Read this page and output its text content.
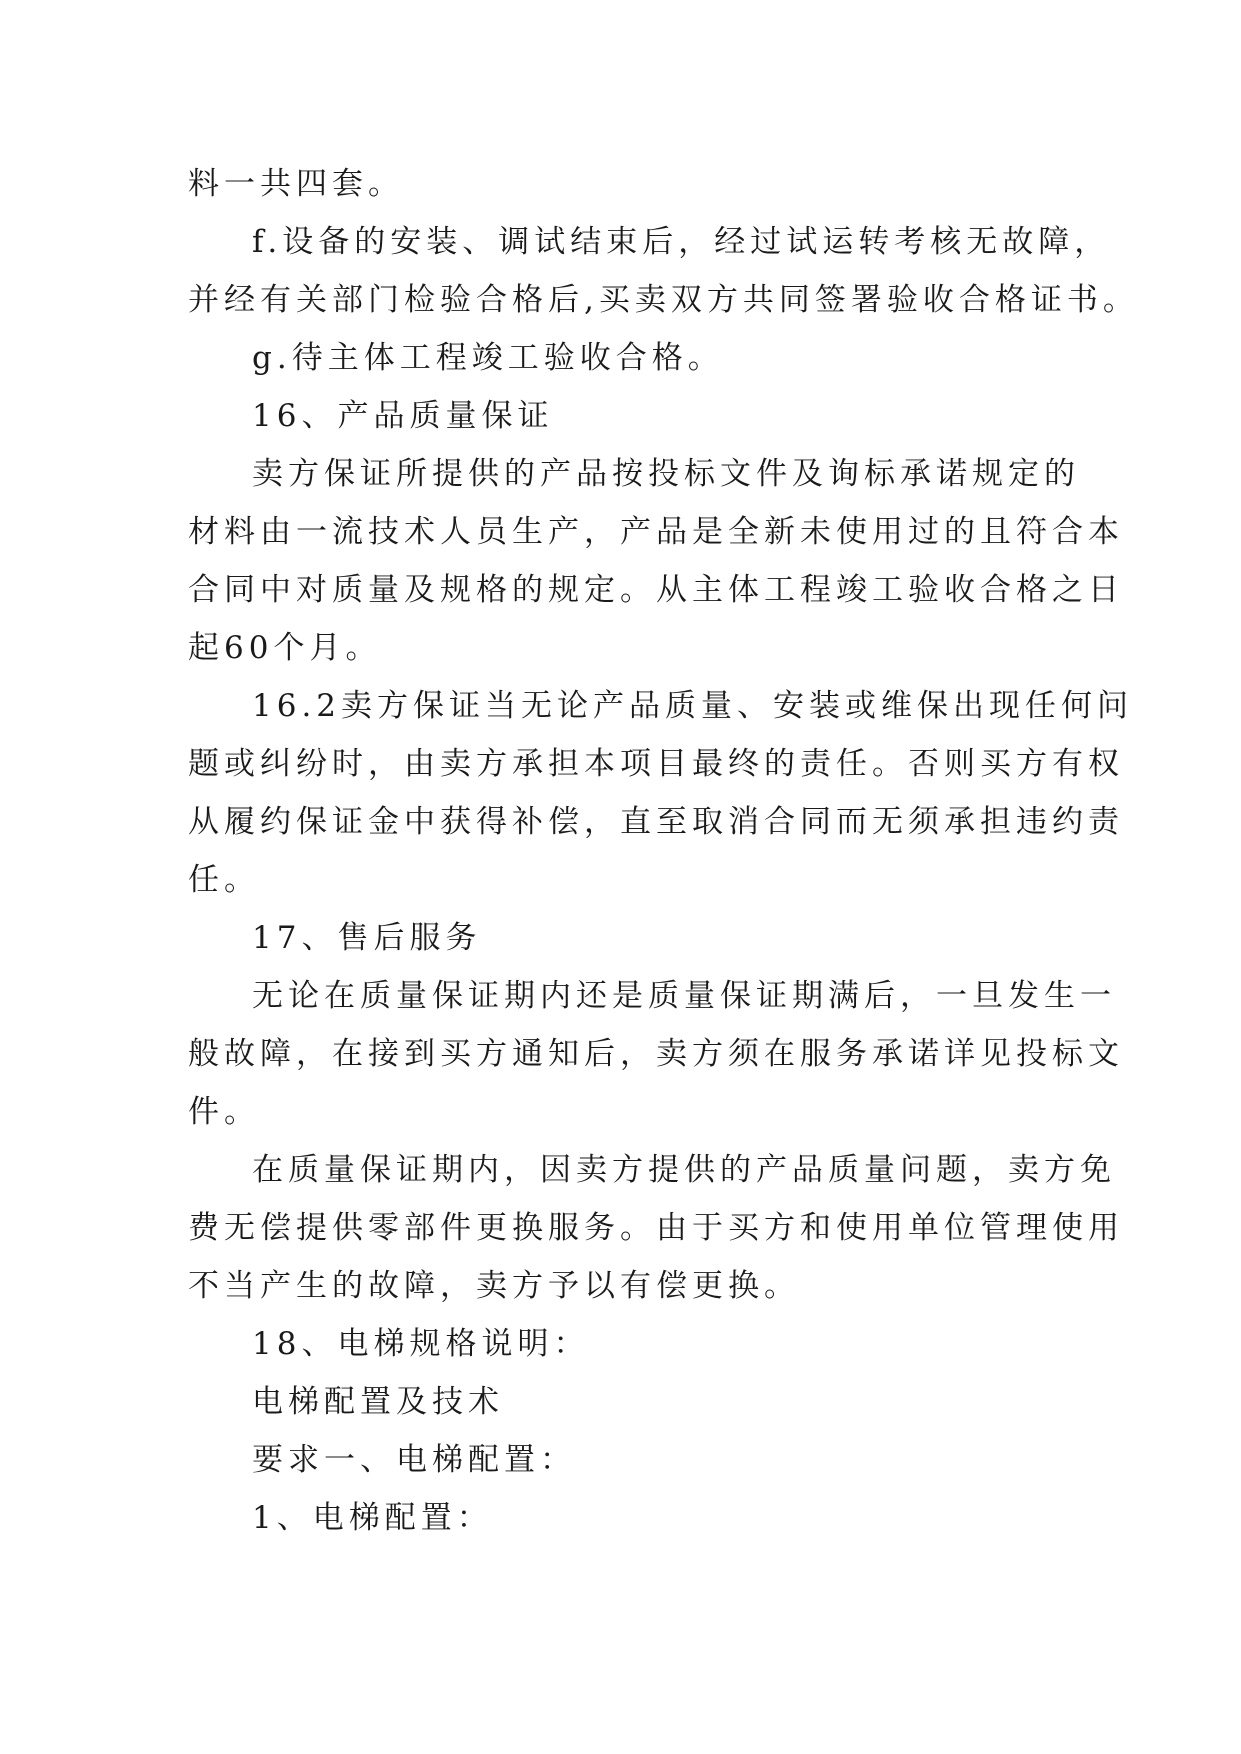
料一共四套。
f.设备的安装、调试结束后，经过试运转考核无故障，
并经有关部门检验合格后,买卖双方共同签署验收合格证书。
g.待主体工程竣工验收合格。
16、产品质量保证
卖方保证所提供的产品按投标文件及询标承诺规定的
材料由一流技术人员生产，产品是全新未使用过的且符合本
合同中对质量及规格的规定。从主体工程竣工验收合格之日
起60个月。
16.2卖方保证当无论产品质量、安装或维保出现任何问
题或纠纷时，由卖方承担本项目最终的责任。否则买方有权
从履约保证金中获得补偿，直至取消合同而无须承担违约责
任。
17、售后服务
无论在质量保证期内还是质量保证期满后，一旦发生一
般故障，在接到买方通知后，卖方须在服务承诺详见投标文
件。
在质量保证期内，因卖方提供的产品质量问题，卖方免
费无偿提供零部件更换服务。由于买方和使用单位管理使用
不当产生的故障，卖方予以有偿更换。
18、电梯规格说明：
电梯配置及技术
要求一、电梯配置：
1、电梯配置：
